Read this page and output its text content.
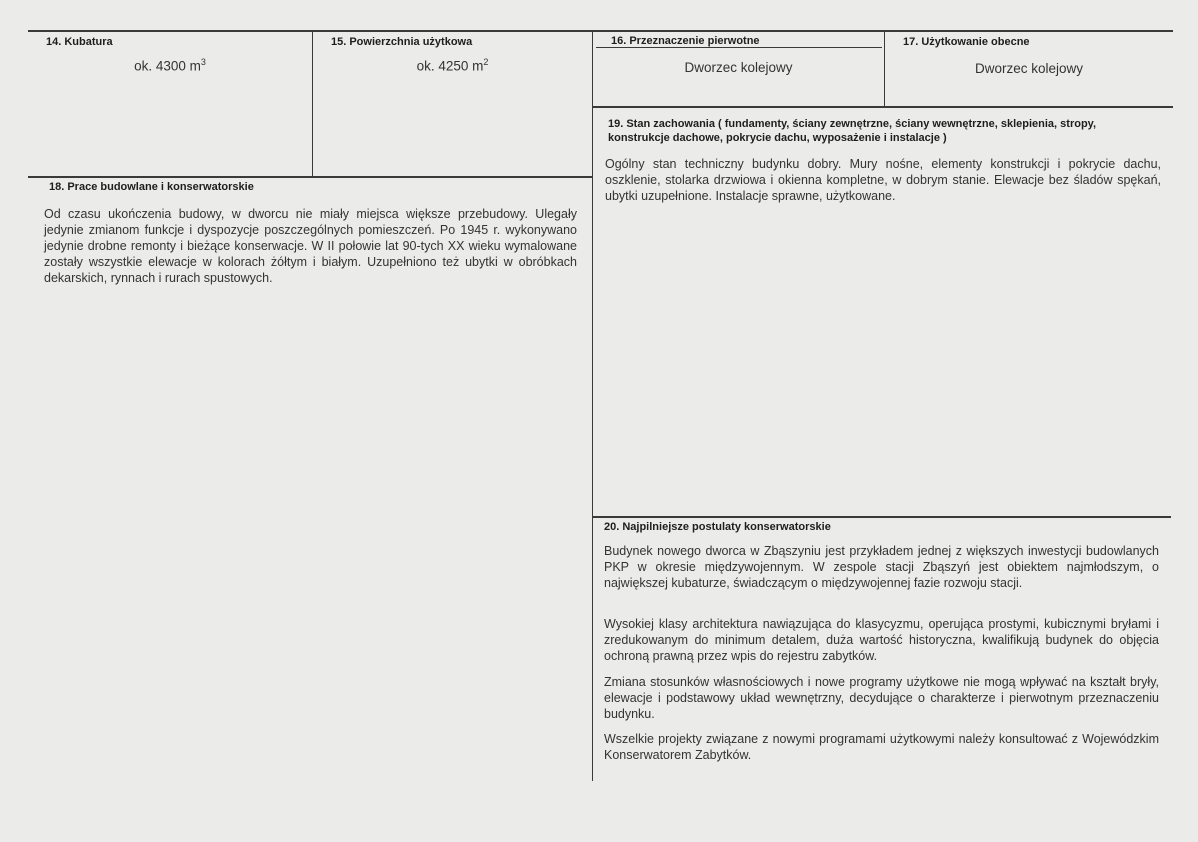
14. Kubatura
ok. 4300 $m^3$
15. Powierzchnia użytkowa
ok. 4250 $m^2$
16. Przeznaczenie pierwotne
Dworzec kolejowy
17. Użytkowanie obecne
Dworzec kolejowy
19. Stan zachowania ( fundamenty, ściany zewnętrzne, ściany wewnętrzne, sklepienia, stropy, konstrukcje dachowe, pokrycie dachu, wyposażenie i instalacje )

Ogólny stan techniczny budynku dobry. Mury nośne, elementy konstrukcji i pokrycie dachu, oszklenie, stolarka drzwiowa i okienna kompletne, w dobrym stanie. Elewacje bez śladów spękań, ubytki uzupełnione. Instalacje sprawne, użytkowane.

18. Prace budowlane i konserwatorskie

Od czasu ukończenia budowy, w dworcu nie miały miejsca większe przebudowy. Ulegały jedynie zmianom funkcje i dyspozycje poszczególnych pomieszczeń. Po 1945 r. wykonywano jedynie drobne remonty i bieżące konserwacje. W II połowie lat 90-tych XX wieku wymalowane zostały wszystkie elewacje w kolorach żółtym i białym. Uzupełniono też ubytki w obróbkach dekarskich, rynnach i rurach spustowych.

20. Najpilniejsze postulaty konserwatorskie

Budynek nowego dworca w Zbąszyniu jest przykładem jednej z większych inwestycji budowlanych PKP w okresie międzywojennym. W zespole stacji Zbąszyń jest obiektem najmłodszym, o największej kubaturze, świadczącym o międzywojennej fazie rozwoju stacji.

Wysokiej klasy architektura nawiązująca do klasycyzmu, operująca prostymi, kubicznymi bryłami i zredukowanym do minimum detalem, duża wartość historyczna, kwalifikują budynek do objęcia ochroną prawną przez wpis do rejestru zabytków.

Zmiana stosunków własnościowych i nowe programy użytkowe nie mogą wpływać na kształt bryły, elewacje i podstawowy układ wewnętrzny, decydujące o charakterze i pierwotnym przeznaczeniu budynku.

Wszelkie projekty związane z nowymi programami użytkowymi należy konsultować z Wojewódzkim Konserwatorem Zabytków.
